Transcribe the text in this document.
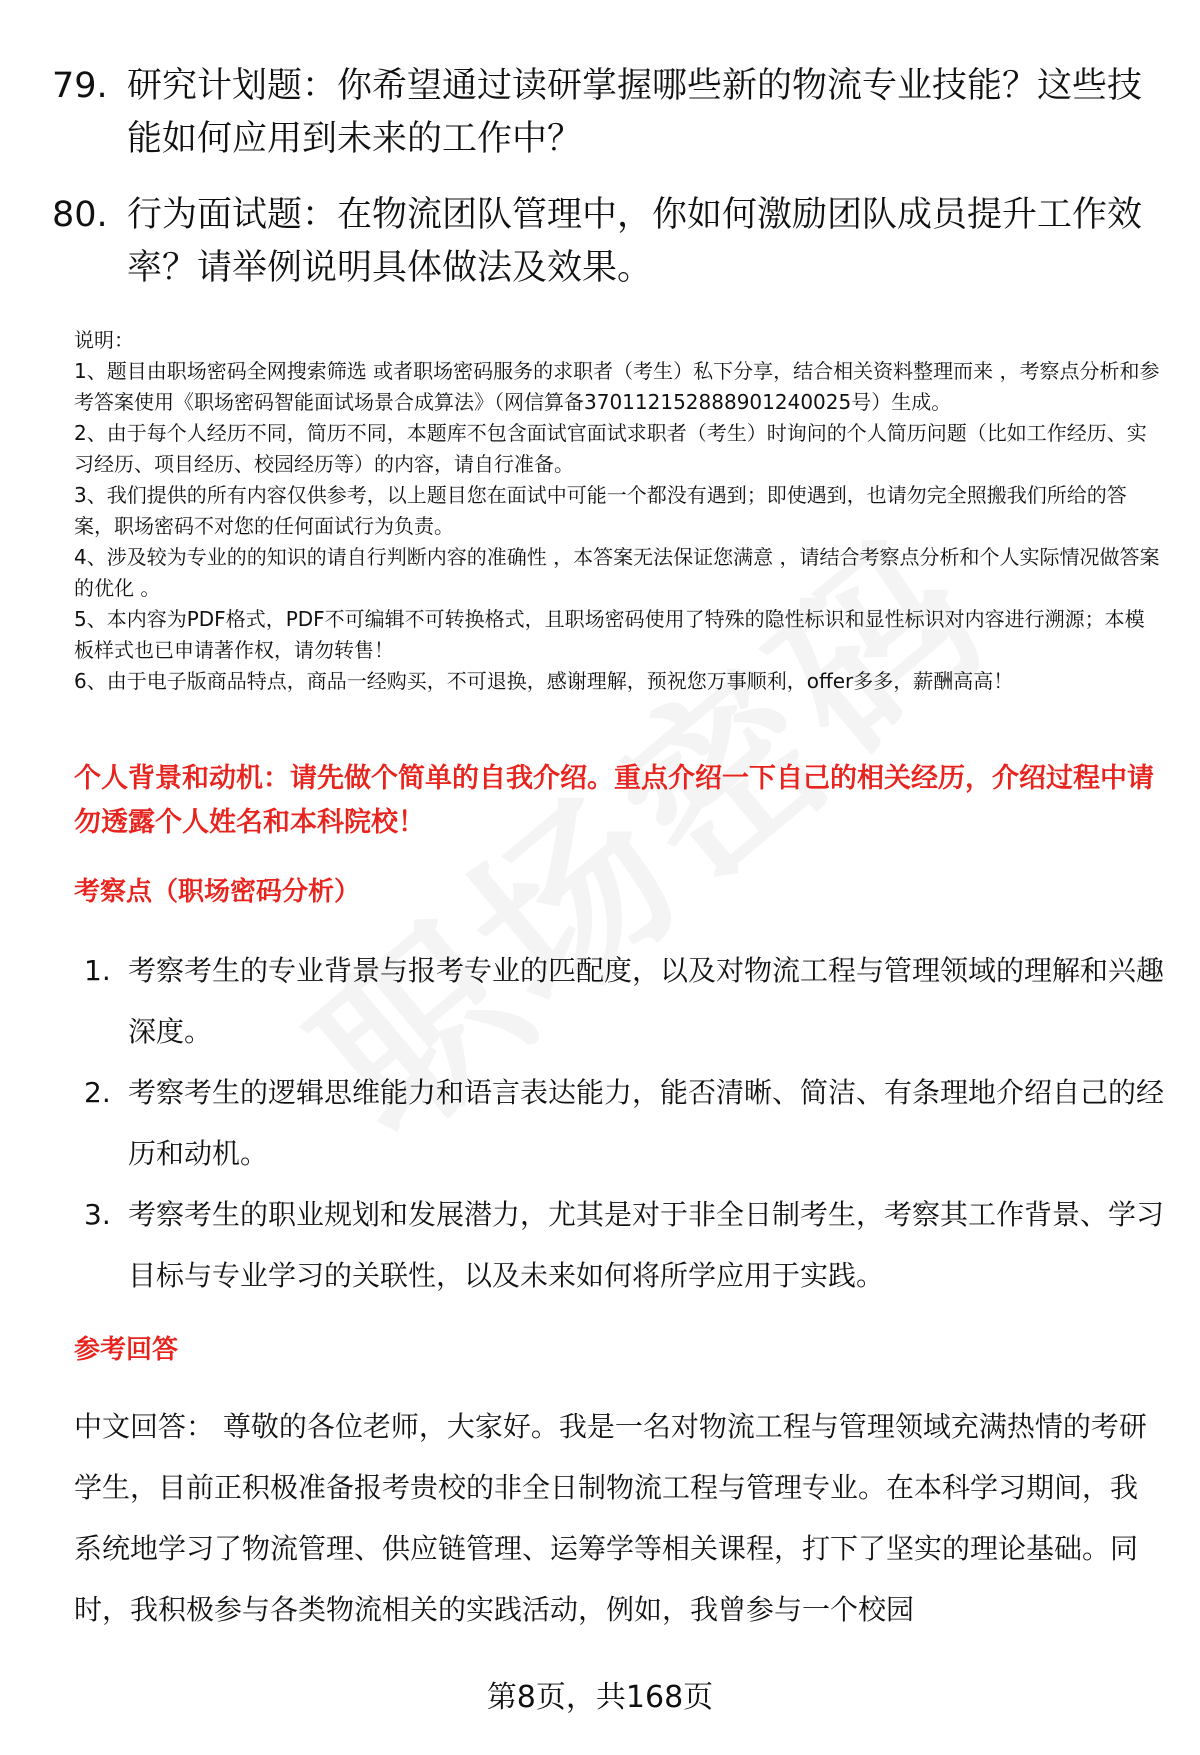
79. 研究计划题：你希望通过读研掌握哪些新的物流专业技能？这些技能如何应用到未来的工作中？
80. 行为面试题：在物流团队管理中，你如何激励团队成员提升工作效率？请举例说明具体做法及效果。
说明：
1、题目由职场密码全网搜索筛选 或者职场密码服务的求职者（考生）私下分享，结合相关资料整理而来 ，考察点分析和参考答案使用《职场密码智能面试场景合成算法》（网信算备370112152888901240025号）生成。
2、由于每个人经历不同，简历不同，本题库不包含面试官面试求职者（考生）时询问的个人简历问题（比如工作经历、实习经历、项目经历、校园经历等）的内容，请自行准备。
3、我们提供的所有内容仅供参考，以上题目您在面试中可能一个都没有遇到；即使遇到，也请勿完全照搬我们所给的答案，职场密码不对您的任何面试行为负责。
4、涉及较为专业的的知识的请自行判断内容的准确性 ，本答案无法保证您满意 ，请结合考察点分析和个人实际情况做答案的优化 。
5、本内容为PDF格式，PDF不可编辑不可转换格式，且职场密码使用了特殊的隐性标识和显性标识对内容进行溯源；本模板样式也已申请著作权，请勿转售！
6、由于电子版商品特点，商品一经购买，不可退换，感谢理解，预祝您万事顺利，offer多多，薪酬高高！
个人背景和动机：请先做个简单的自我介绍。重点介绍一下自己的相关经历，介绍过程中请勿透露个人姓名和本科院校！
考察点（职场密码分析）
1. 考察考生的专业背景与报考专业的匹配度，以及对物流工程与管理领域的理解和兴趣深度。
2. 考察考生的逻辑思维能力和语言表达能力，能否清晰、简洁、有条理地介绍自己的经历和动机。
3. 考察考生的职业规划和发展潜力，尤其是对于非全日制考生，考察其工作背景、学习目标与专业学习的关联性，以及未来如何将所学应用于实践。
参考回答
中文回答： 尊敬的各位老师，大家好。我是一名对物流工程与管理领域充满热情的考研学生，目前正积极准备报考贵校的非全日制物流工程与管理专业。在本科学习期间，我系统地学习了物流管理、供应链管理、运筹学等相关课程，打下了坚实的理论基础。同时，我积极参与各类物流相关的实践活动，例如，我曾参与一个校园
第8页，共168页
